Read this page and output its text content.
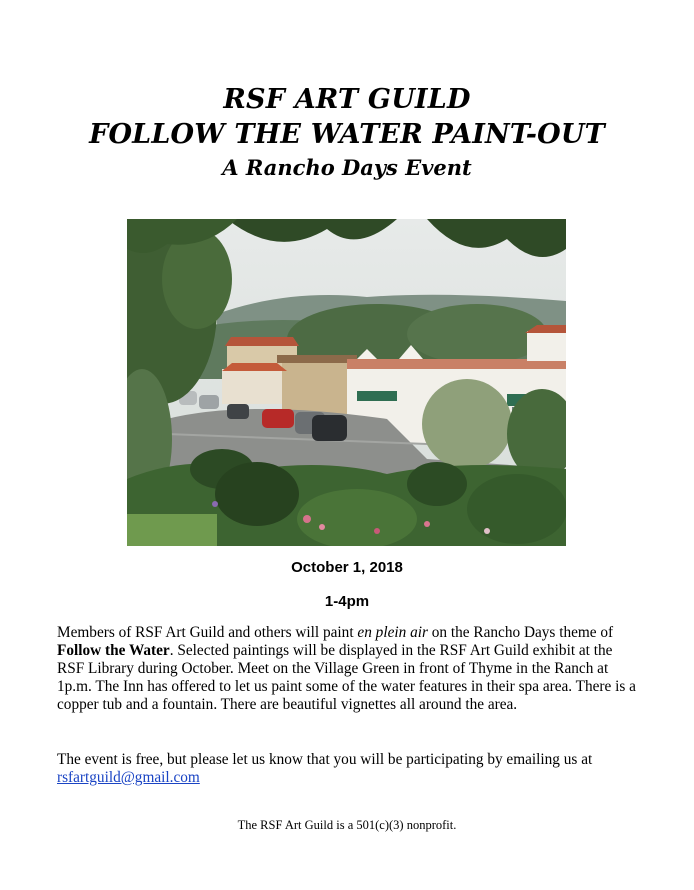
RSF ART GUILD
FOLLOW THE WATER PAINT-OUT
A Rancho Days Event
October 1, 2018
1-4pm
Members of RSF Art Guild and others will paint en plein air on the Rancho Days theme of Follow the Water. Selected paintings will be displayed in the RSF Art Guild exhibit at the RSF Library during October. Meet on the Village Green in front of Thyme in the Ranch at 1p.m. The Inn has offered to let us paint some of the water features in their spa area. There is a copper tub and a fountain. There are beautiful vignettes all around the area.
The event is free, but please let us know that you will be participating by emailing us at rsfartguild@gmail.com
The RSF Art Guild is a 501(c)(3) nonprofit.
